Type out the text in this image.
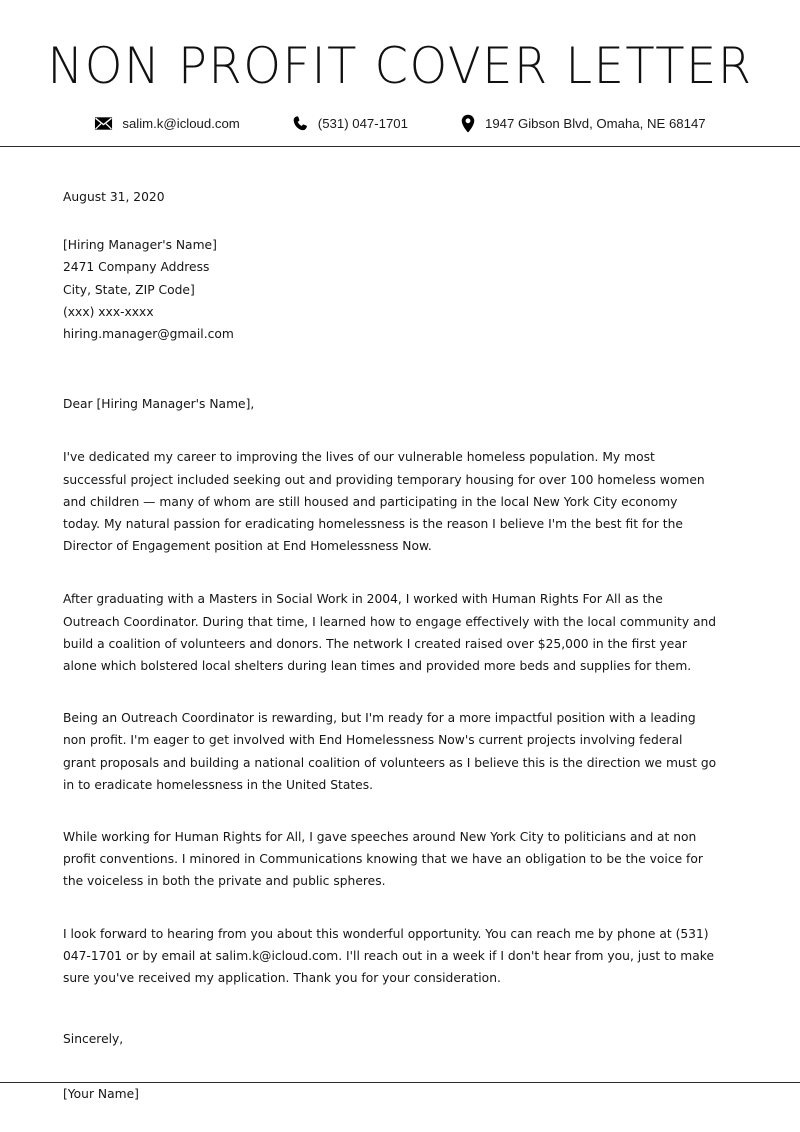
NON PROFIT COVER LETTER
salim.k@icloud.com	(531) 047-1701	1947 Gibson Blvd, Omaha, NE 68147
August 31, 2020
[Hiring Manager's Name]
2471 Company Address
City, State, ZIP Code]
(xxx) xxx-xxxx
hiring.manager@gmail.com
Dear [Hiring Manager's Name],

I've dedicated my career to improving the lives of our vulnerable homeless population. My most successful project included seeking out and providing temporary housing for over 100 homeless women and children — many of whom are still housed and participating in the local New York City economy today. My natural passion for eradicating homelessness is the reason I believe I'm the best fit for the Director of Engagement position at End Homelessness Now.

After graduating with a Masters in Social Work in 2004, I worked with Human Rights For All as the Outreach Coordinator. During that time, I learned how to engage effectively with the local community and build a coalition of volunteers and donors. The network I created raised over $25,000 in the first year alone which bolstered local shelters during lean times and provided more beds and supplies for them.

Being an Outreach Coordinator is rewarding, but I'm ready for a more impactful position with a leading non profit. I'm eager to get involved with End Homelessness Now's current projects involving federal grant proposals and building a national coalition of volunteers as I believe this is the direction we must go in to eradicate homelessness in the United States.

While working for Human Rights for All, I gave speeches around New York City to politicians and at non profit conventions. I minored in Communications knowing that we have an obligation to be the voice for the voiceless in both the private and public spheres.

I look forward to hearing from you about this wonderful opportunity. You can reach me by phone at (531) 047-1701 or by email at salim.k@icloud.com. I'll reach out in a week if I don't hear from you, just to make sure you've received my application. Thank you for your consideration.

Sincerely,
[Your Name]
